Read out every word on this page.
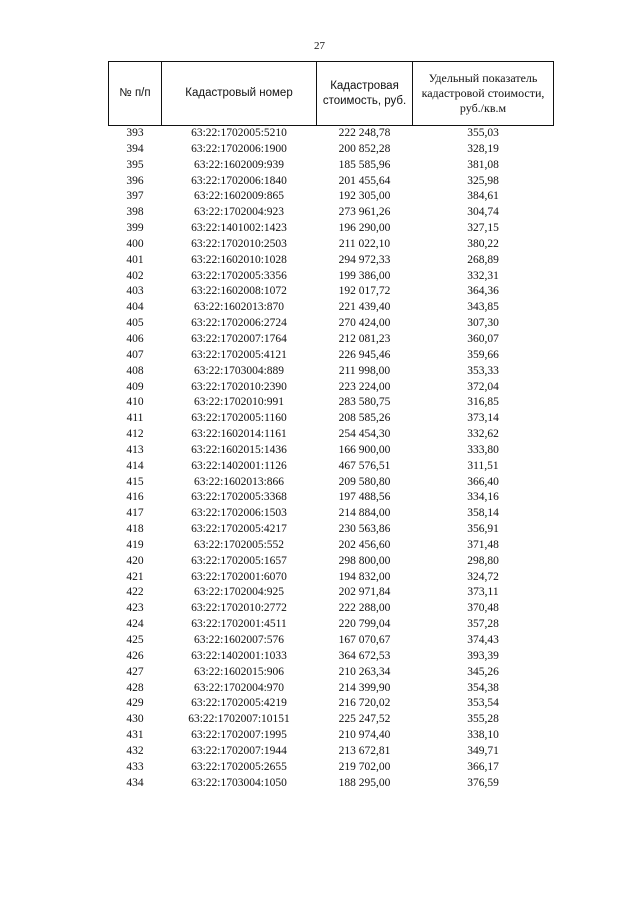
27
№ п/п	Кадастровый номер	Кадастровая стоимость, руб.	Удельный показатель кадастровой стоимости, руб./кв.м
393	63:22:1702005:5210	222 248,78	355,03
394	63:22:1702006:1900	200 852,28	328,19
395	63:22:1602009:939	185 585,96	381,08
396	63:22:1702006:1840	201 455,64	325,98
397	63:22:1602009:865	192 305,00	384,61
398	63:22:1702004:923	273 961,26	304,74
399	63:22:1401002:1423	196 290,00	327,15
400	63:22:1702010:2503	211 022,10	380,22
401	63:22:1602010:1028	294 972,33	268,89
402	63:22:1702005:3356	199 386,00	332,31
403	63:22:1602008:1072	192 017,72	364,36
404	63:22:1602013:870	221 439,40	343,85
405	63:22:1702006:2724	270 424,00	307,30
406	63:22:1702007:1764	212 081,23	360,07
407	63:22:1702005:4121	226 945,46	359,66
408	63:22:1703004:889	211 998,00	353,33
409	63:22:1702010:2390	223 224,00	372,04
410	63:22:1702010:991	283 580,75	316,85
411	63:22:1702005:1160	208 585,26	373,14
412	63:22:1602014:1161	254 454,30	332,62
413	63:22:1602015:1436	166 900,00	333,80
414	63:22:1402001:1126	467 576,51	311,51
415	63:22:1602013:866	209 580,80	366,40
416	63:22:1702005:3368	197 488,56	334,16
417	63:22:1702006:1503	214 884,00	358,14
418	63:22:1702005:4217	230 563,86	356,91
419	63:22:1702005:552	202 456,60	371,48
420	63:22:1702005:1657	298 800,00	298,80
421	63:22:1702001:6070	194 832,00	324,72
422	63:22:1702004:925	202 971,84	373,11
423	63:22:1702010:2772	222 288,00	370,48
424	63:22:1702001:4511	220 799,04	357,28
425	63:22:1602007:576	167 070,67	374,43
426	63:22:1402001:1033	364 672,53	393,39
427	63:22:1602015:906	210 263,34	345,26
428	63:22:1702004:970	214 399,90	354,38
429	63:22:1702005:4219	216 720,02	353,54
430	63:22:1702007:10151	225 247,52	355,28
431	63:22:1702007:1995	210 974,40	338,10
432	63:22:1702007:1944	213 672,81	349,71
433	63:22:1702005:2655	219 702,00	366,17
434	63:22:1703004:1050	188 295,00	376,59
